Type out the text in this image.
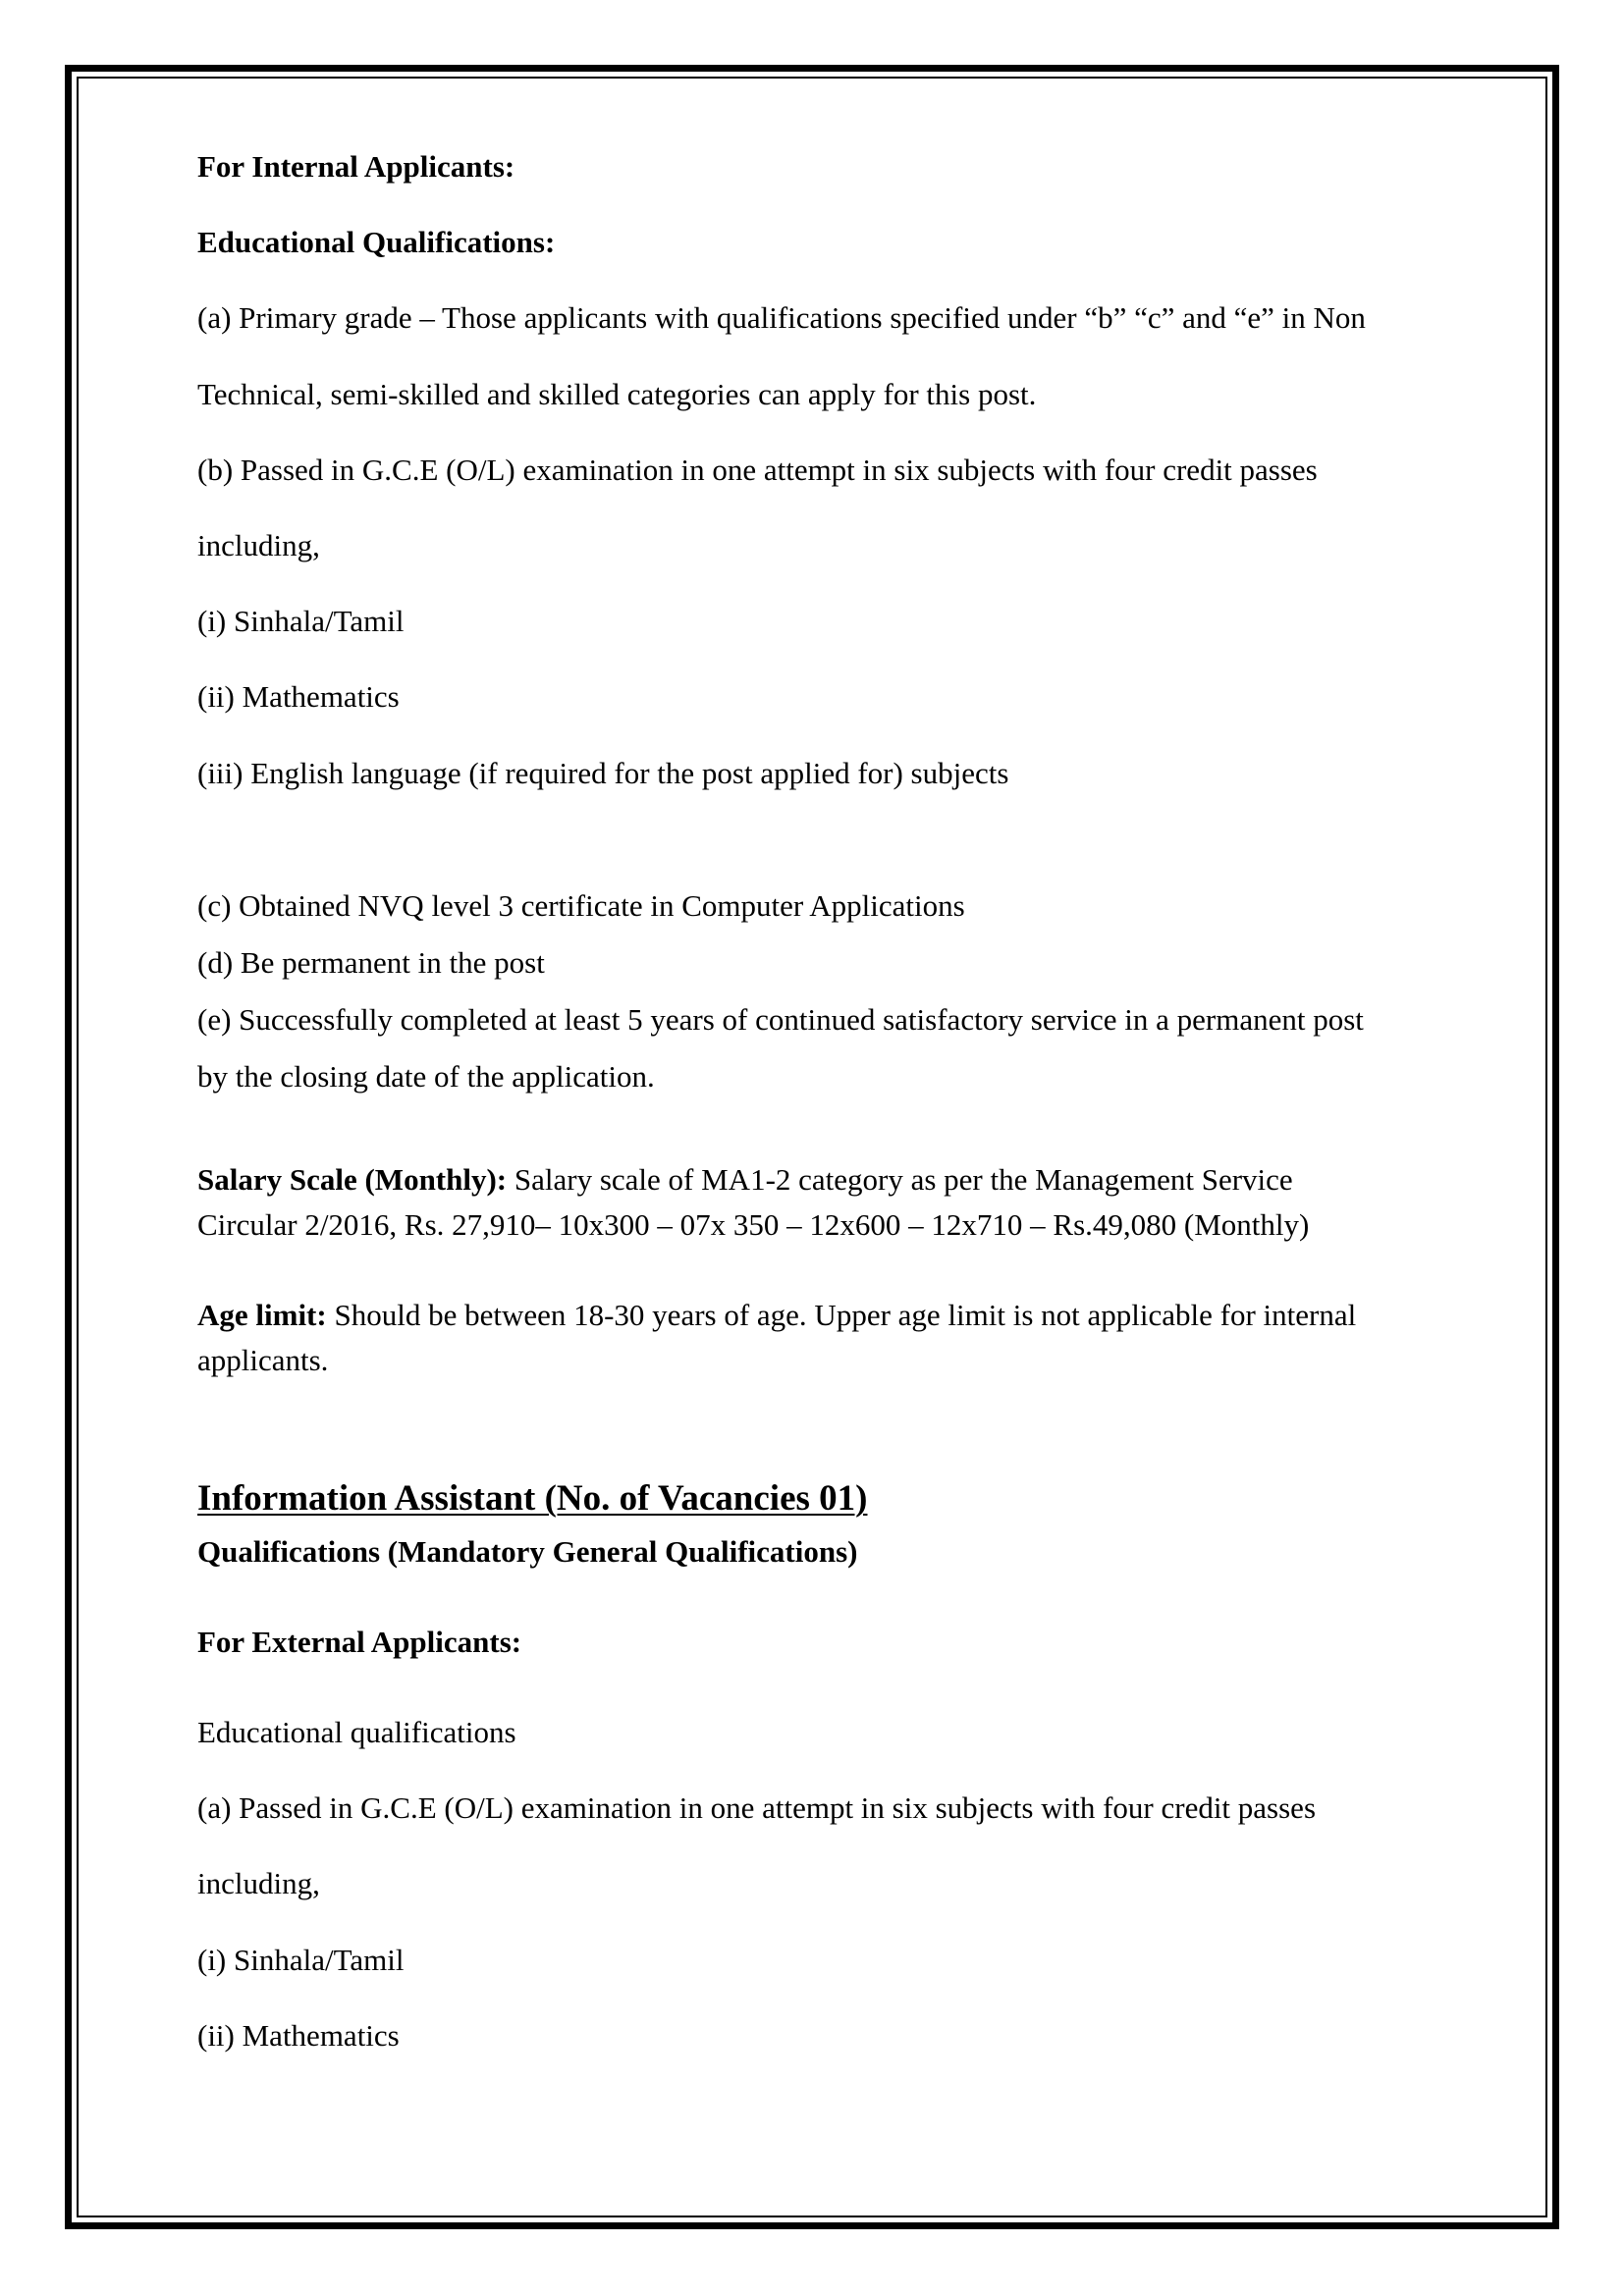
For Internal Applicants:

Educational Qualifications:

(a) Primary grade – Those applicants with qualifications specified under “b” “c” and “e” in Non

Technical, semi-skilled and skilled categories can apply for this post.

(b) Passed in G.C.E (O/L) examination in one attempt in six subjects with four credit passes

including,

(i) Sinhala/Tamil

(ii) Mathematics

(iii) English language (if required for the post applied for) subjects

(c) Obtained NVQ level 3 certificate in Computer Applications

(d) Be permanent in the post

(e) Successfully completed at least 5 years of continued satisfactory service in a permanent post

by the closing date of the application.

Salary Scale (Monthly): Salary scale of MA1-2 category as per the Management Service

Circular 2/2016, Rs. 27,910– 10x300 – 07x 350 – 12x600 – 12x710 – Rs.49,080 (Monthly)

Age limit: Should be between 18-30 years of age. Upper age limit is not applicable for internal

applicants.

Information Assistant (No. of Vacancies 01)

Qualifications (Mandatory General Qualifications)

For External Applicants:

Educational qualifications

(a) Passed in G.C.E (O/L) examination in one attempt in six subjects with four credit passes

including,

(i) Sinhala/Tamil

(ii) Mathematics
